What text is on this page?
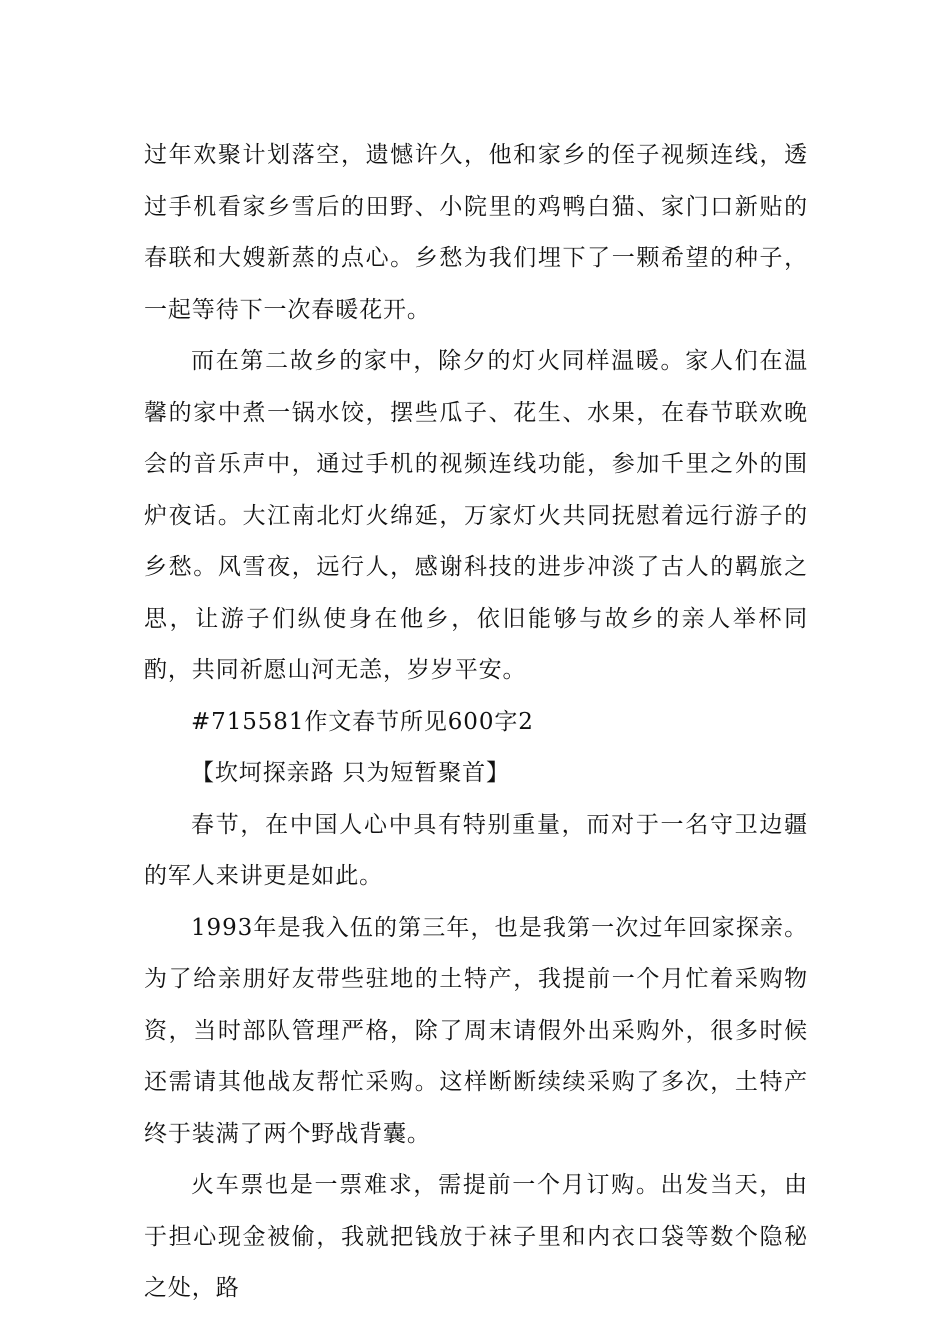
过年欢聚计划落空，遗憾许久，他和家乡的侄子视频连线，透过手机看家乡雪后的田野、小院里的鸡鸭白猫、家门口新贴的春联和大嫂新蒸的点心。乡愁为我们埋下了一颗希望的种子，一起等待下一次春暖花开。

而在第二故乡的家中，除夕的灯火同样温暖。家人们在温馨的家中煮一锅水饺，摆些瓜子、花生、水果，在春节联欢晚会的音乐声中，通过手机的视频连线功能，参加千里之外的围炉夜话。大江南北灯火绵延，万家灯火共同抚慰着远行游子的乡愁。风雪夜，远行人，感谢科技的进步冲淡了古人的羁旅之思，让游子们纵使身在他乡，依旧能够与故乡的亲人举杯同酌，共同祈愿山河无恙，岁岁平安。

#715581作文春节所见600字2

【坎坷探亲路 只为短暂聚首】

春节，在中国人心中具有特别重量，而对于一名守卫边疆的军人来讲更是如此。

1993年是我入伍的第三年，也是我第一次过年回家探亲。为了给亲朋好友带些驻地的土特产，我提前一个月忙着采购物资，当时部队管理严格，除了周末请假外出采购外，很多时候还需请其他战友帮忙采购。这样断断续续采购了多次，土特产终于装满了两个野战背囊。

火车票也是一票难求，需提前一个月订购。出发当天，由于担心现金被偷，我就把钱放于袜子里和内衣口袋等数个隐秘之处，路
